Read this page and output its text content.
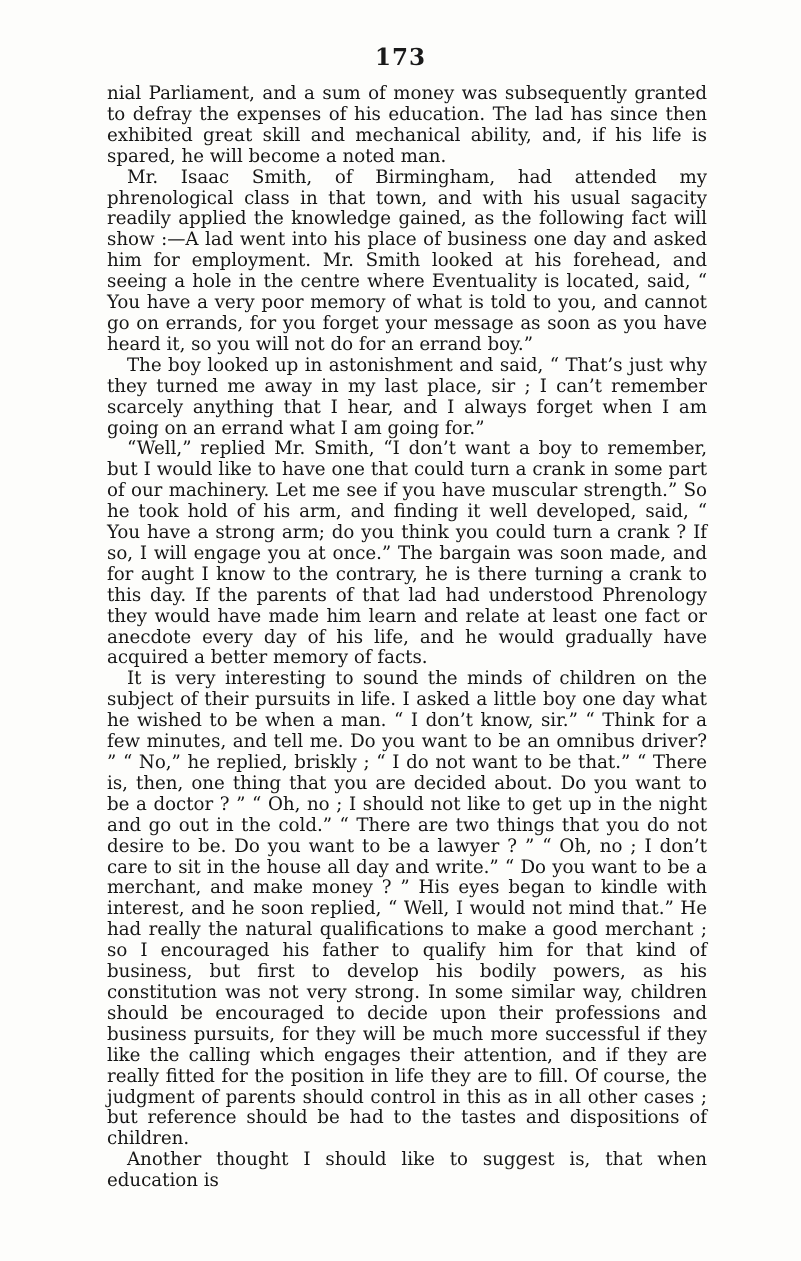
173

nial Parliament, and a sum of money was subsequently granted to defray the expenses of his education. The lad has since then exhibited great skill and mechanical ability, and, if his life is spared, he will become a noted man.

Mr. Isaac Smith, of Birmingham, had attended my phrenological class in that town, and with his usual sagacity readily applied the knowledge gained, as the following fact will show :—A lad went into his place of business one day and asked him for employment. Mr. Smith looked at his forehead, and seeing a hole in the centre where Eventuality is located, said, “ You have a very poor memory of what is told to you, and cannot go on errands, for you forget your message as soon as you have heard it, so you will not do for an errand boy.”

The boy looked up in astonishment and said, “ That’s just why they turned me away in my last place, sir ; I can’t remember scarcely anything that I hear, and I always forget when I am going on an errand what I am going for.”

“Well,” replied Mr. Smith, “I don’t want a boy to remember, but I would like to have one that could turn a crank in some part of our machinery. Let me see if you have muscular strength.” So he took hold of his arm, and finding it well developed, said, “ You have a strong arm; do you think you could turn a crank ? If so, I will engage you at once.” The bargain was soon made, and for aught I know to the contrary, he is there turning a crank to this day. If the parents of that lad had understood Phrenology they would have made him learn and relate at least one fact or anecdote every day of his life, and he would gradually have acquired a better memory of facts.

It is very interesting to sound the minds of children on the subject of their pursuits in life. I asked a little boy one day what he wished to be when a man. “ I don’t know, sir.” “ Think for a few minutes, and tell me. Do you want to be an omnibus driver? ” “ No,” he replied, briskly ; “ I do not want to be that.” “ There is, then, one thing that you are decided about. Do you want to be a doctor ? ” “ Oh, no ; I should not like to get up in the night and go out in the cold.” “ There are two things that you do not desire to be. Do you want to be a lawyer ? ” “ Oh, no ; I don’t care to sit in the house all day and write.” “ Do you want to be a merchant, and make money ? ” His eyes began to kindle with interest, and he soon replied, “ Well, I would not mind that.” He had really the natural qualifications to make a good merchant ; so I encouraged his father to qualify him for that kind of business, but first to develop his bodily powers, as his constitution was not very strong. In some similar way, children should be encouraged to decide upon their professions and business pursuits, for they will be much more successful if they like the calling which engages their attention, and if they are really fitted for the position in life they are to fill. Of course, the judgment of parents should control in this as in all other cases ; but reference should be had to the tastes and dispositions of children.

Another thought I should like to suggest is, that when education is
